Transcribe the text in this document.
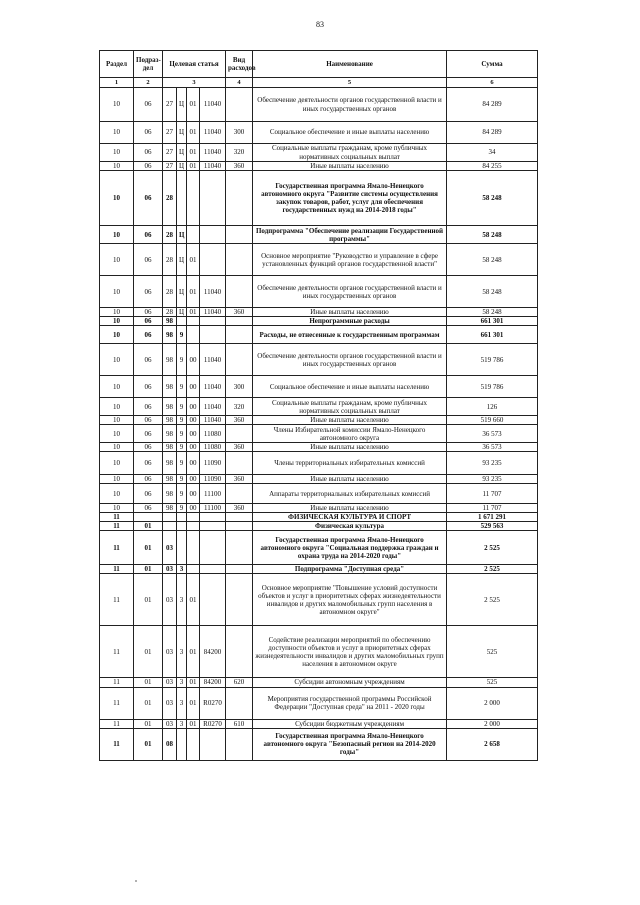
83
Раздел	Подраз-дел	Целевая статья				Вид расходов	Наименование	Сумма
1	2	3				4	5	6
10	06	27	Ц	01	11040		Обеспечение деятельности органов государственной власти и иных государственных органов	84 289
10	06	27	Ц	01	11040	300	Социальное обеспечение и иные выплаты населению	84 289
10	06	27	Ц	01	11040	320	Социальные выплаты гражданам, кроме публичных нормативных социальных выплат	34
10	06	27	Ц	01	11040	360	Иные выплаты населению	84 255
10	06	28					Государственная программа Ямало-Ненецкого автономного округа "Развитие системы осуществления закупок товаров, работ, услуг для обеспечения государственных нужд на 2014-2018 годы"	58 248
10	06	28	Ц				Подпрограмма "Обеспечение реализации Государственной программы"	58 248
10	06	28	Ц	01			Основное мероприятие "Руководство и управление в сфере установленных функций органов государственной власти"	58 248
10	06	28	Ц	01	11040		Обеспечение деятельности органов государственной власти и иных государственных органов	58 248
10	06	28	Ц	01	11040	360	Иные выплаты населению	58 248
10	06	98					Непрограммные расходы	661 301
10	06	98	9				Расходы, не отнесенные к государственным программам	661 301
10	06	98	9	00	11040		Обеспечение деятельности органов государственной власти и иных государственных органов	519 786
10	06	98	9	00	11040	300	Социальное обеспечение и иные выплаты населению	519 786
10	06	98	9	00	11040	320	Социальные выплаты гражданам, кроме публичных нормативных социальных выплат	126
10	06	98	9	00	11040	360	Иные выплаты населению	519 660
10	06	98	9	00	11080		Члены Избирательной комиссии Ямало-Ненецкого автономного округа	36 573
10	06	98	9	00	11080	360	Иные выплаты населению	36 573
10	06	98	9	00	11090		Члены территориальных избирательных комиссий	93 235
10	06	98	9	00	11090	360	Иные выплаты населению	93 235
10	06	98	9	00	11100		Аппараты территориальных избирательных комиссий	11 707
10	06	98	9	00	11100	360	Иные выплаты населению	11 707
11							ФИЗИЧЕСКАЯ КУЛЬТУРА И СПОРТ	1 671 291
11	01						Физическая культура	529 563
11	01	03					Государственная программа Ямало-Ненецкого автономного округа "Социальная поддержка граждан и охрана труда на 2014-2020 годы"	2 525
11	01	03	3				Подпрограмма "Доступная среда"	2 525
11	01	03	3	01			Основное мероприятие "Повышение условий доступности объектов и услуг в приоритетных сферах жизнедеятельности инвалидов и других маломобильных групп населения в автономном округе"	2 525
11	01	03	3	01	84200		Содействие реализации мероприятий по обеспечению доступности объектов и услуг в приоритетных сферах жизнедеятельности инвалидов и других маломобильных групп населения в автономном округе	525
11	01	03	3	01	84200	620	Субсидии автономным учреждениям	525
11	01	03	3	01	R0270		Мероприятия государственной программы Российской Федерации "Доступная среда" на 2011 - 2020 годы	2 000
11	01	03	3	01	R0270	610	Субсидии бюджетным учреждениям	2 000
11	01	08					Государственная программа Ямало-Ненецкого автономного округа "Безопасный регион на 2014-2020 годы"	2 658
